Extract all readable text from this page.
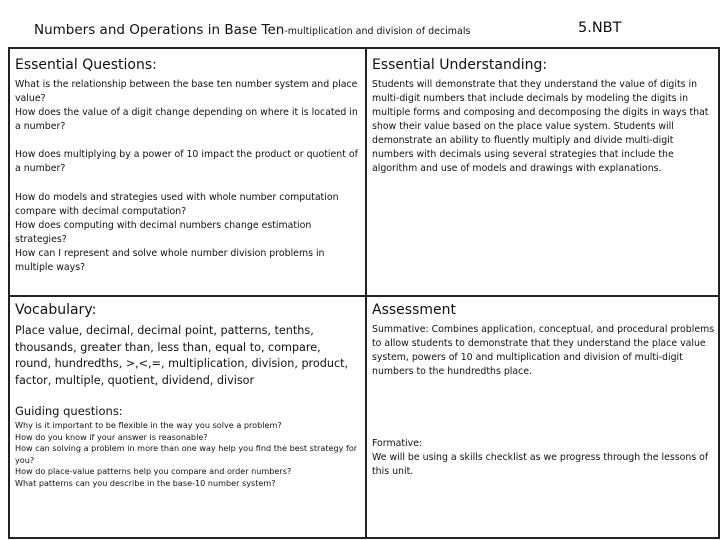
Numbers and Operations in Base Ten-multiplication and division of decimals	5.NBT
Essential Questions:
What is the relationship between the base ten number system and place value?
How does the value of a digit change depending on where it is located in a number?
How does multiplying by a power of 10 impact the product or quotient of a number?
How do models and strategies used with whole number computation compare with decimal computation?
How does computing with decimal numbers change estimation strategies?
How can I represent and solve whole number division problems in multiple ways?
Essential Understanding:
Students will demonstrate that they understand the value of digits in multi-digit numbers that include decimals by modeling the digits in multiple forms and composing and decomposing the digits in ways that show their value based on the place value system. Students will demonstrate an ability to fluently multiply and divide multi-digit numbers with decimals using several strategies that include the algorithm and use of models and drawings with explanations.
Vocabulary:
Place value, decimal, decimal point, patterns, tenths, thousands, greater than, less than, equal to, compare, round, hundredths, >,<,=, multiplication, division, product, factor, multiple, quotient, dividend, divisor
Guiding questions:
Why is it important to be flexible in the way you solve a problem?
How do you know if your answer is reasonable?
How can solving a problem in more than one way help you find the best strategy for you?
How do place-value patterns help you compare and order numbers?
What patterns can you describe in the base-10 number system?
Assessment
Summative: Combines application, conceptual, and procedural problems to allow students to demonstrate that they understand the place value system, powers of 10 and multiplication and division of multi-digit numbers to the hundredths place.
Formative:
We will be using a skills checklist as we progress through the lessons of this unit.
